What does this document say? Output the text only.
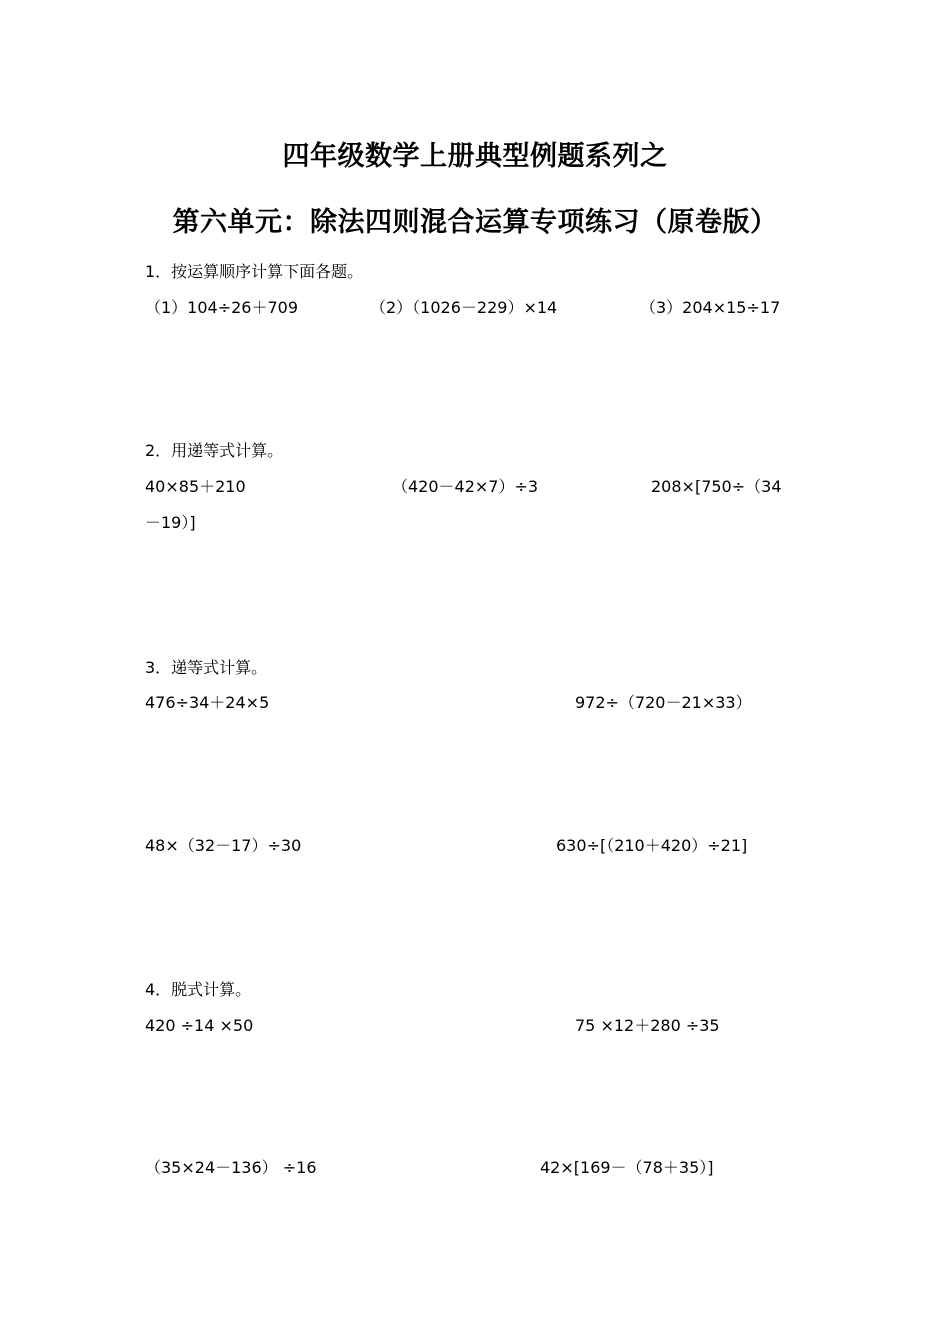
四年级数学上册典型例题系列之
第六单元：除法四则混合运算专项练习（原卷版）
1．按运算顺序计算下面各题。
（1）104÷26＋709	（2）（1026－229）×14	（3）204×15÷17
2．用递等式计算。
40×85＋210	（420－42×7）÷3	208×[750÷（34
－19）]
3．递等式计算。
476÷34＋24×5	972÷（720－21×33）
48×（32－17）÷30	630÷[（210＋420）÷21]
4．脱式计算。
420 ÷14 ×50	75 ×12＋280 ÷35
（35×24－136） ÷16	42×[169－（78＋35）]
